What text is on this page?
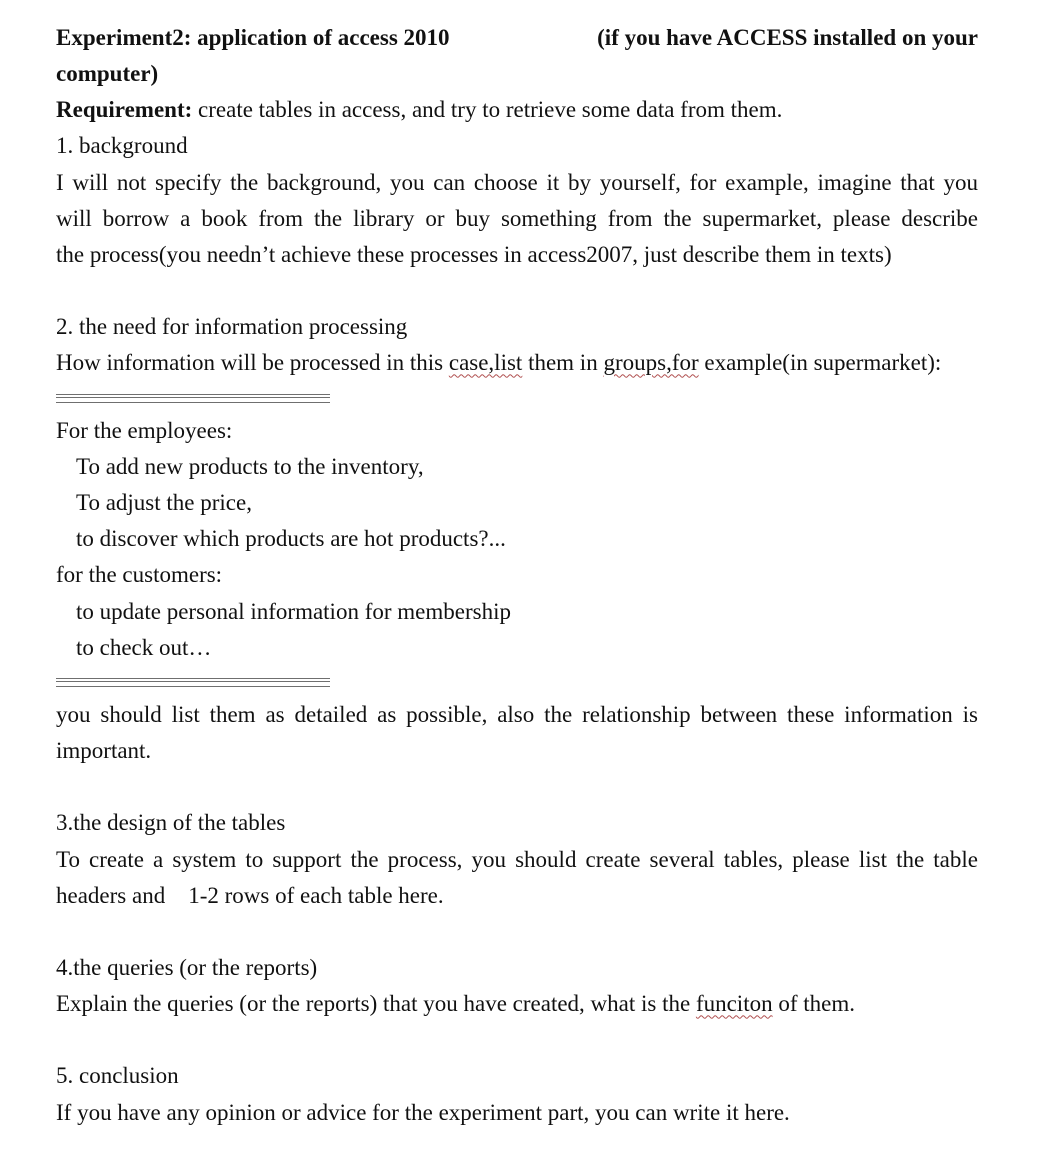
Experiment2: application of access 2010	(if you have ACCESS installed on your
computer)
Requirement: create tables in access, and try to retrieve some data from them.
1. background
I will not specify the background, you can choose it by yourself, for example, imagine that you
will borrow a book from the library or buy something from the supermarket, please describe
the process(you needn’t achieve these processes in access2007, just describe them in texts)
2. the need for information processing
How information will be processed in this case,list them in groups,for example(in supermarket):
For the employees:
To add new products to the inventory,
To adjust the price,
to discover which products are hot products?...
for the customers:
to update personal information for membership
to check out…
you should list them as detailed as possible, also the relationship between these information is
important.
3.the design of the tables
To create a system to support the process, you should create several tables, please list the table
headers and    1-2 rows of each table here.
4.the queries (or the reports)
Explain the queries (or the reports) that you have created, what is the funciton of them.
5. conclusion
If you have any opinion or advice for the experiment part, you can write it here.
